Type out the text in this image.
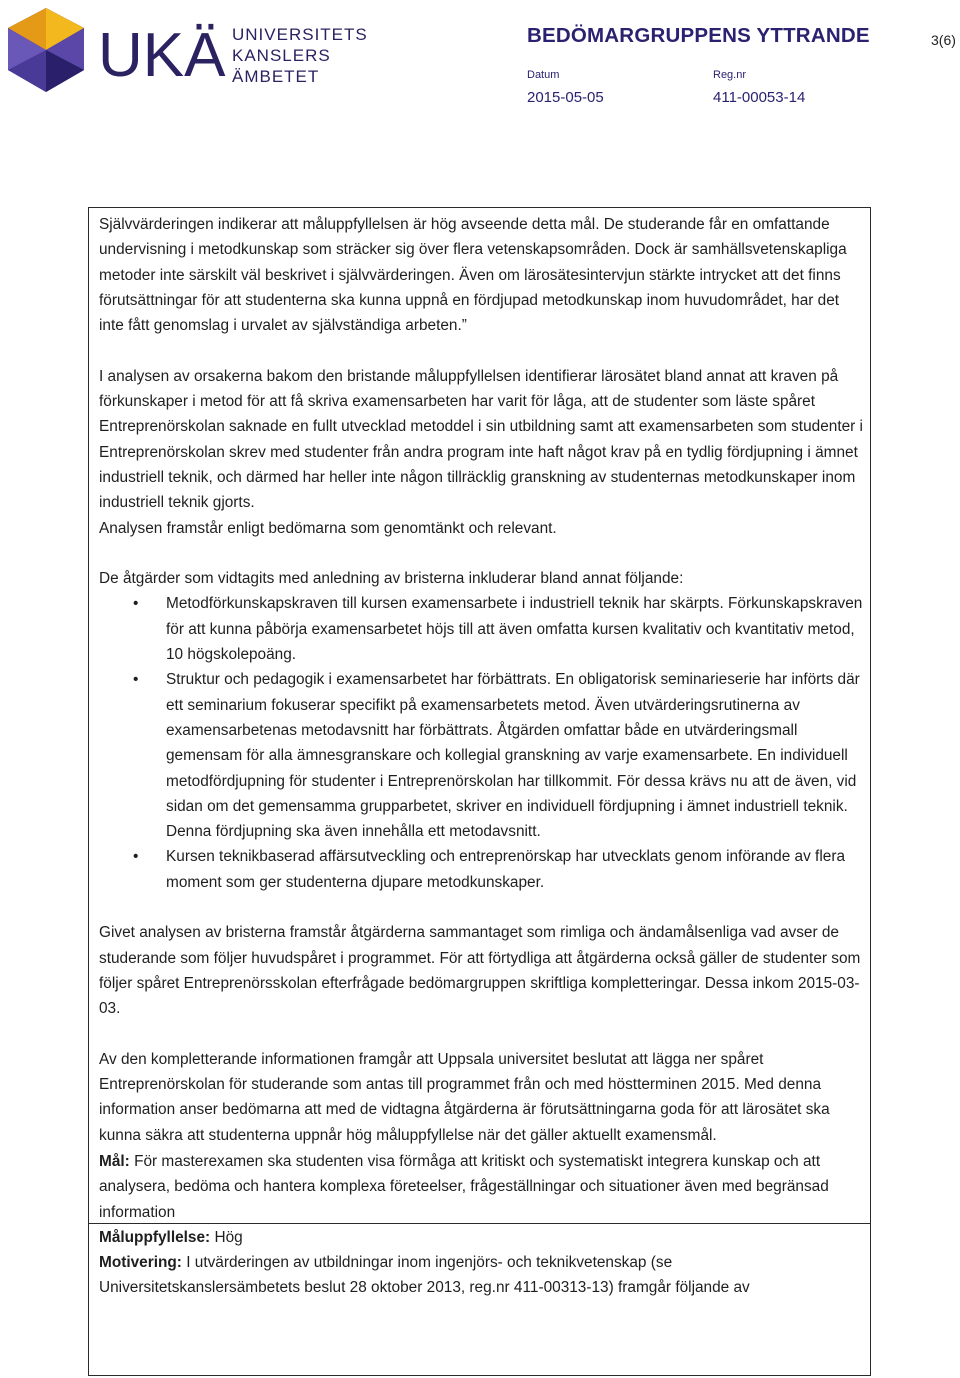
UKÄ UNIVERSITETS
KANSLERS
ÄMBETET
BEDÖMARGRUPPENS YTTRANDE	3(6)
Datum
2015-05-05
Reg.nr
411-00053-14

Självvärderingen indikerar att måluppfyllelsen är hög avseende detta mål. De studerande får en omfattande undervisning i metodkunskap som sträcker sig över flera vetenskapsområden. Dock är samhällsvetenskapliga metoder inte särskilt väl beskrivet i självvärderingen. Även om lärosätesintervjun stärkte intrycket att det finns förutsättningar för att studenterna ska kunna uppnå en fördjupad metodkunskap inom huvudområdet, har det inte fått genomslag i urvalet av självständiga arbeten.”

I analysen av orsakerna bakom den bristande måluppfyllelsen identifierar lärosätet bland annat att kraven på förkunskaper i metod för att få skriva examensarbeten har varit för låga, att de studenter som läste spåret Entreprenörskolan saknade en fullt utvecklad metoddel i sin utbildning samt att examensarbeten som studenter i Entreprenörskolan skrev med studenter från andra program inte haft något krav på en tydlig fördjupning i ämnet industriell teknik, och därmed har heller inte någon tillräcklig granskning av studenternas metodkunskaper inom industriell teknik gjorts.

Analysen framstår enligt bedömarna som genomtänkt och relevant.

De åtgärder som vidtagits med anledning av bristerna inkluderar bland annat följande:

• Metodförkunskapskraven till kursen examensarbete i industriell teknik har skärpts. Förkunskapskraven för att kunna påbörja examensarbetet höjs till att även omfatta kursen kvalitativ och kvantitativ metod, 10 högskolepoäng.
• Struktur och pedagogik i examensarbetet har förbättrats. En obligatorisk seminarieserie har införts där ett seminarium fokuserar specifikt på examensarbetets metod. Även utvärderingsrutinerna av examensarbetenas metodavsnitt har förbättrats. Åtgärden omfattar både en utvärderingsmall gemensam för alla ämnesgranskare och kollegial granskning av varje examensarbete. En individuell metodfördjupning för studenter i Entreprenörskolan har tillkommit. För dessa krävs nu att de även, vid sidan om det gemensamma grupparbetet, skriver en individuell fördjupning i ämnet industriell teknik. Denna fördjupning ska även innehålla ett metodavsnitt.
• Kursen teknikbaserad affärsutveckling och entreprenörskap har utvecklats genom införande av flera moment som ger studenterna djupare metodkunskaper.

Givet analysen av bristerna framstår åtgärderna sammantaget som rimliga och ändamålsenliga vad avser de studerande som följer huvudspåret i programmet. För att förtydliga att åtgärderna också gäller de studenter som följer spåret Entreprenörsskolan efterfrågade bedömargruppen skriftliga kompletteringar. Dessa inkom 2015-03-03.

Av den kompletterande informationen framgår att Uppsala universitet beslutat att lägga ner spåret Entreprenörskolan för studerande som antas till programmet från och med höstterminen 2015. Med denna information anser bedömarna att med de vidtagna åtgärderna är förutsättningarna goda för att lärosätet ska kunna säkra att studenterna uppnår hög måluppfyllelse när det gäller aktuellt examensmål.

Mål: För masterexamen ska studenten visa förmåga att kritiskt och systematiskt integrera kunskap och att analysera, bedöma och hantera komplexa företeelser, frågeställningar och situationer även med begränsad information
Måluppfyllelse: Hög
Motivering: I utvärderingen av utbildningar inom ingenjörs- och teknikvetenskap (se Universitetskanslersämbetets beslut 28 oktober 2013, reg.nr 411-00313-13) framgår följande av
